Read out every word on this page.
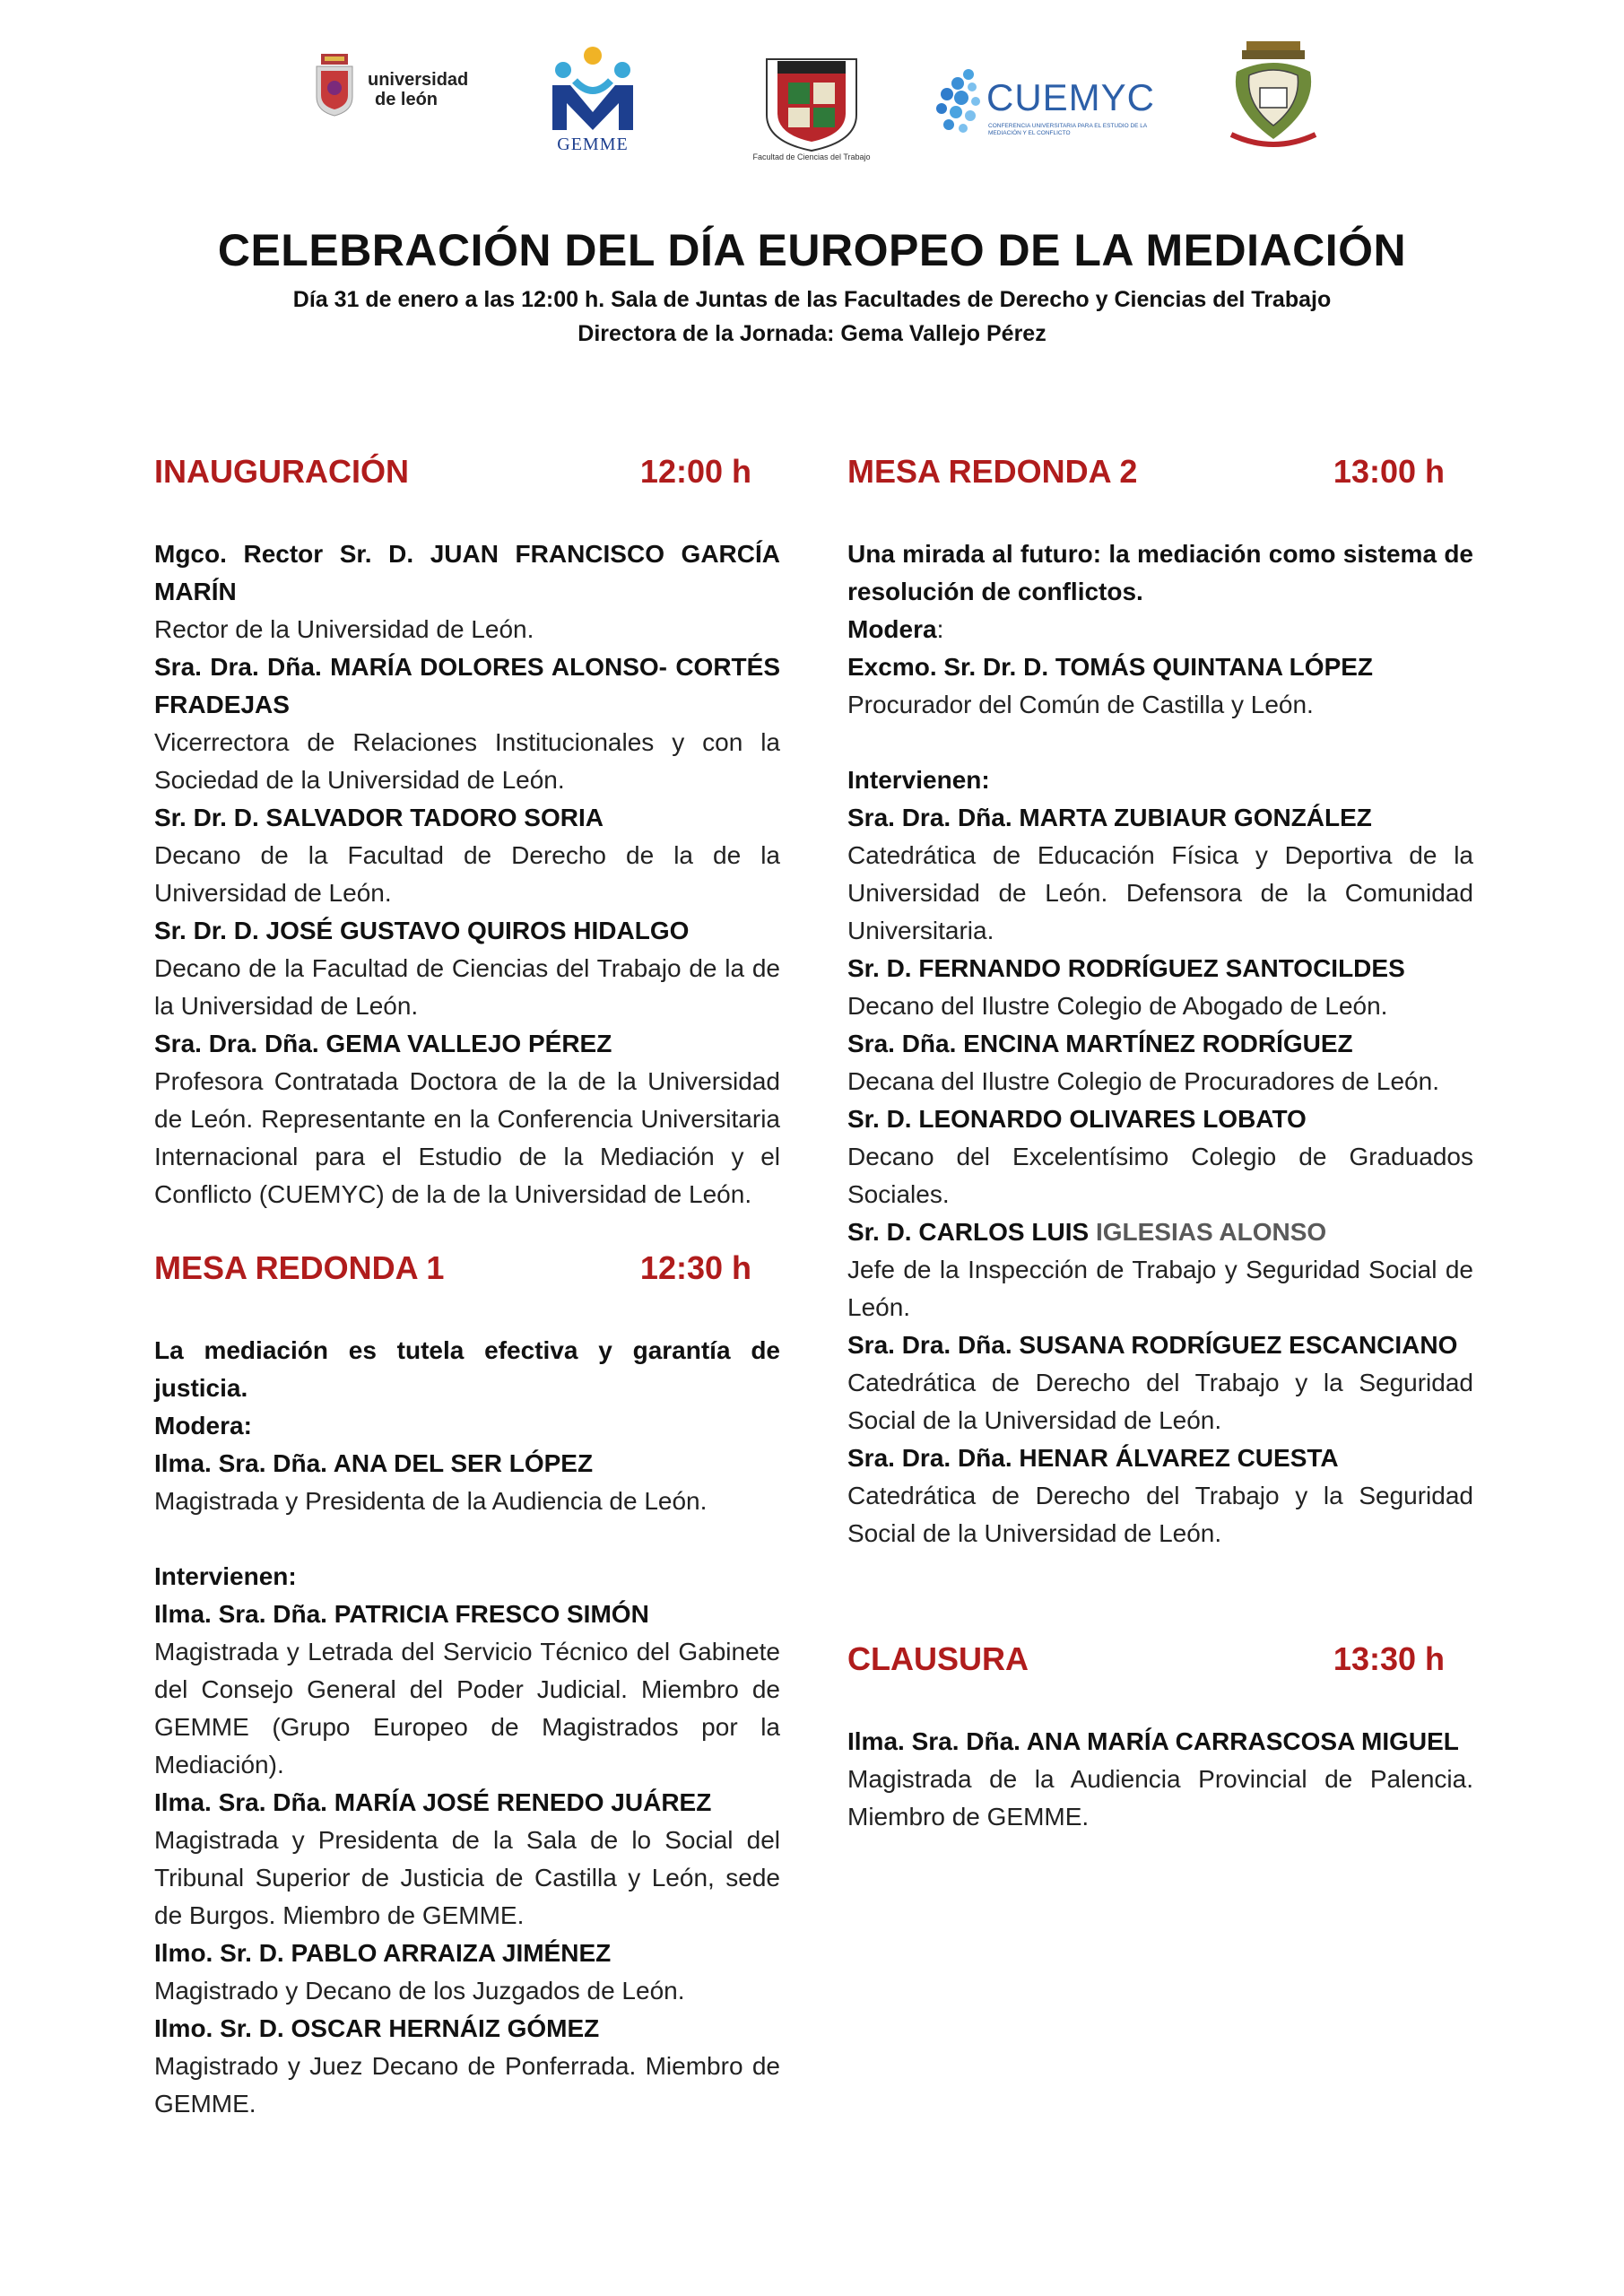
universidad
de león
GEMME
Facultad de Ciencias del Trabajo
CUEMYC
CONFERENCIA UNIVERSITARIA PARA EL ESTUDIO DE LA MEDIACIÓN Y EL CONFLICTO
CELEBRACIÓN DEL DÍA EUROPEO DE LA MEDIACIÓN
Día 31 de enero a las 12:00 h. Sala de Juntas de las Facultades de Derecho y Ciencias del Trabajo
Directora de la Jornada: Gema Vallejo Pérez
INAUGURACIÓN	12:00 h

Mgco. Rector Sr. D. JUAN FRANCISCO GARCÍA MARÍN

Rector de la Universidad de León.

Sra. Dra. Dña. MARÍA DOLORES ALONSO- CORTÉS FRADEJAS

Vicerrectora de Relaciones Institucionales y con la Sociedad de la Universidad de León.

Sr. Dr. D. SALVADOR TADORO SORIA

Decano de la Facultad de Derecho de la de la Universidad de León.

Sr. Dr. D. JOSÉ GUSTAVO QUIROS HIDALGO

Decano de la Facultad de Ciencias del Trabajo de la de la Universidad de León.

Sra. Dra. Dña. GEMA VALLEJO PÉREZ

Profesora Contratada Doctora de la de la Universidad de León. Representante en la Conferencia Universitaria Internacional para el Estudio de la Mediación y el Conflicto (CUEMYC) de la de la Universidad de León.

MESA REDONDA 1	12:30 h

La mediación es tutela efectiva y garantía de justicia.

Modera:

Ilma. Sra. Dña. ANA DEL SER LÓPEZ

Magistrada y Presidenta de la Audiencia de León.

Intervienen:

Ilma. Sra. Dña. PATRICIA FRESCO SIMÓN

Magistrada y Letrada del Servicio Técnico del Gabinete del Consejo General del Poder Judicial. Miembro de GEMME (Grupo Europeo de Magistrados por la Mediación).

Ilma. Sra. Dña. MARÍA JOSÉ RENEDO JUÁREZ

Magistrada y Presidenta de la Sala de lo Social del Tribunal Superior de Justicia de Castilla y León, sede de Burgos. Miembro de GEMME.

Ilmo. Sr. D. PABLO ARRAIZA JIMÉNEZ

Magistrado y Decano de los Juzgados de León.

Ilmo. Sr. D. OSCAR HERNÁIZ GÓMEZ

Magistrado y Juez Decano de Ponferrada. Miembro de GEMME.

MESA REDONDA 2	13:00 h

Una mirada al futuro: la mediación como sistema de resolución de conflictos.

Modera:

Excmo. Sr. Dr. D. TOMÁS QUINTANA LÓPEZ

Procurador del Común de Castilla y León.

Intervienen:

Sra. Dra. Dña. MARTA ZUBIAUR GONZÁLEZ

Catedrática de Educación Física y Deportiva de la Universidad de León. Defensora de la Comunidad Universitaria.

Sr. D. FERNANDO RODRÍGUEZ SANTOCILDES

Decano del Ilustre Colegio de Abogado de León.

Sra. Dña. ENCINA MARTÍNEZ RODRÍGUEZ

Decana del Ilustre Colegio de Procuradores de León.

Sr. D. LEONARDO OLIVARES LOBATO

Decano del Excelentísimo Colegio de Graduados Sociales.

Sr. D. CARLOS LUIS IGLESIAS ALONSO

Jefe de la Inspección de Trabajo y Seguridad Social de León.

Sra. Dra. Dña. SUSANA RODRÍGUEZ ESCANCIANO

Catedrática de Derecho del Trabajo y la Seguridad Social de la Universidad de León.

Sra. Dra. Dña. HENAR ÁLVAREZ CUESTA

Catedrática de Derecho del Trabajo y la Seguridad Social de la Universidad de León.

CLAUSURA	13:30 h

Ilma. Sra. Dña. ANA MARÍA CARRASCOSA MIGUEL

Magistrada de la Audiencia Provincial de Palencia. Miembro de GEMME.
